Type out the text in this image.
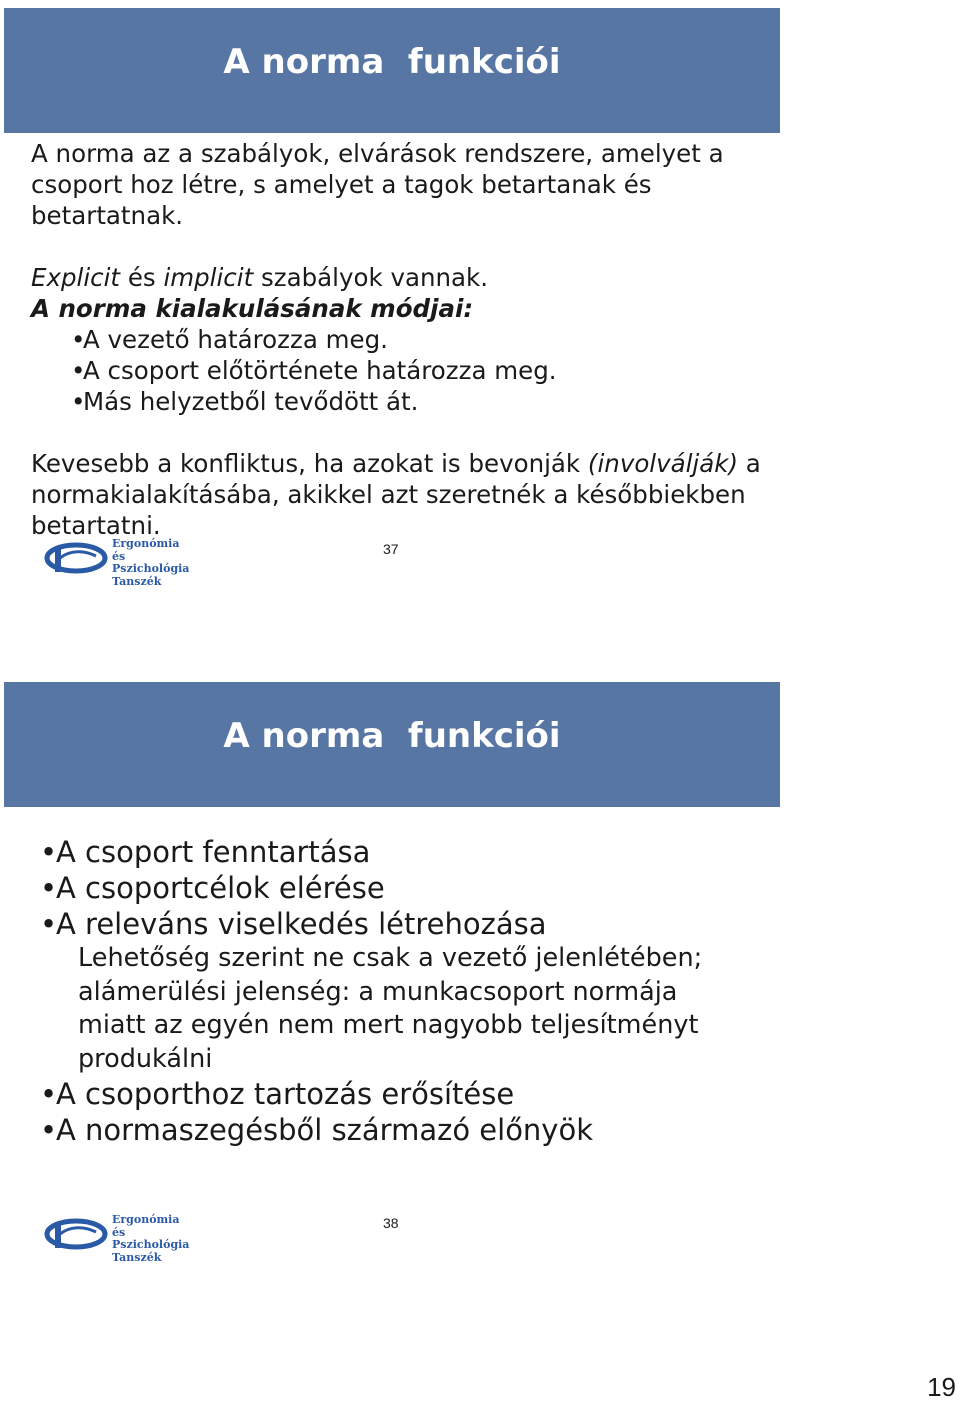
A norma  funkciói

A norma az a szabályok, elvárások rendszere, amelyet a csoport hoz létre, s amelyet a tagok betartanak és betartatnak.

Explicit és implicit szabályok vannak.

A norma kialakulásának módjai:

• A vezető határozza meg.
• A csoport előtörténete határozza meg.
• Más helyzetből tevődött át.

Kevesebb a konfliktus, ha azokat is bevonják (involválják) a normakialakításába, akikkel azt szeretnék a későbbiekben betartatni.

Ergonómia és
Pszichológia
Tanszék
37
A norma  funkciói
• A csoport fenntartása
• A csoportcélok elérése
• A releváns viselkedés létrehozása

Lehetőség szerint ne csak a vezető jelenlétében; alámerülési jelenség: a munkacsoport normája miatt az egyén nem mert nagyobb teljesítményt produkálni

• A csoporthoz tartozás erősítése
• A normaszegésből származó előnyök
Ergonómia és
Pszichológia
Tanszék
38
19
